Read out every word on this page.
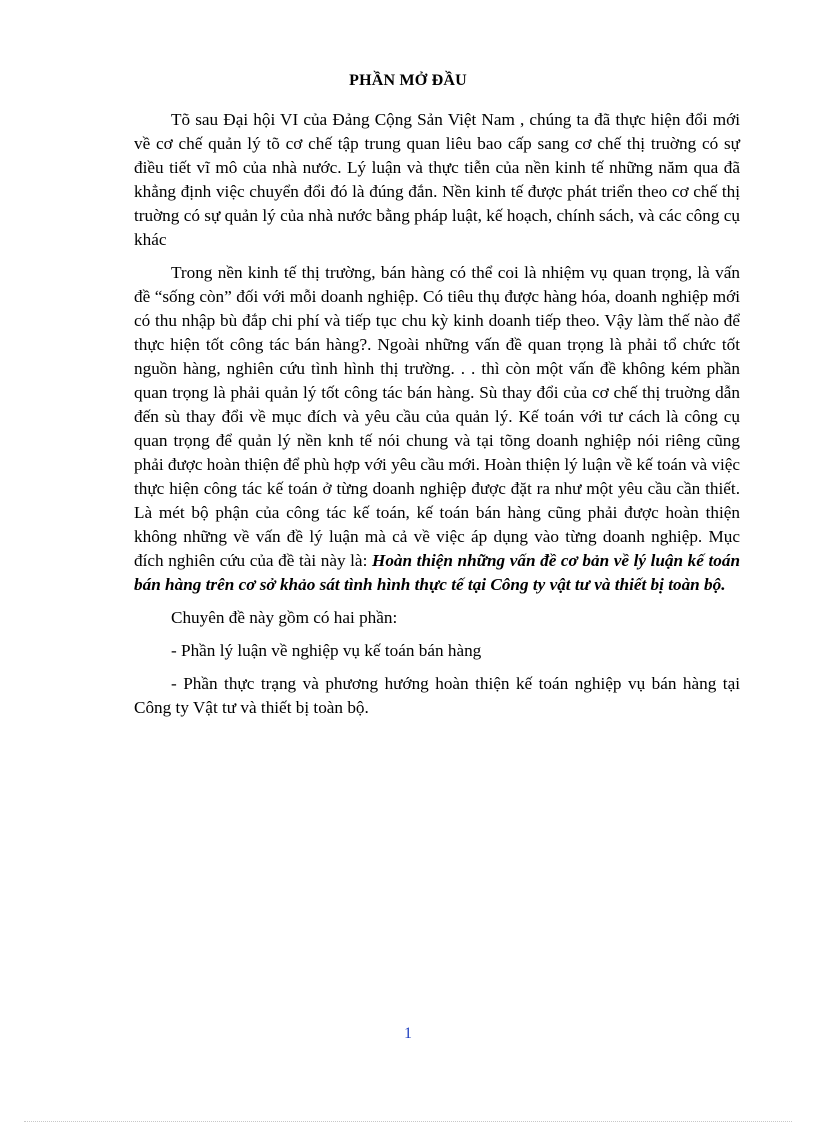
PHẦN MỞ ĐẦU

Tõ sau Đại hội VI của Đảng Cộng Sản Việt Nam , chúng ta đã thực hiện đổi mới về cơ chế quản lý tõ cơ chế tập trung quan liêu bao cấp sang cơ chế thị truờng có sự điều tiết vĩ mô của nhà nước. Lý luận và thực tiễn của nền kinh tế những năm qua đã khẳng định việc chuyển đổi đó là đúng đắn. Nền kinh tế được phát triển theo cơ chế thị truờng có sự quản lý của nhà nước bằng pháp luật, kế hoạch, chính sách, và các công cụ khác

Trong nền kinh tế thị trường, bán hàng có thể coi là nhiệm vụ quan trọng, là vấn đề “sống còn” đối với mỗi doanh nghiệp. Có tiêu thụ được hàng hóa, doanh nghiệp mới có thu nhập bù đắp chi phí và tiếp tục chu kỳ kinh doanh tiếp theo. Vậy làm thế nào để thực hiện tốt công tác bán hàng?. Ngoài những vấn đề quan trọng là phải tổ chức tốt nguồn hàng, nghiên cứu tình hình thị trường. . . thì còn một vấn đề không kém phần quan trọng là phải quản lý tốt công tác bán hàng. Sù thay đổi của cơ chế thị truờng dẫn đến sù thay đổi về mục đích và yêu cầu của quản lý. Kế toán với tư cách là công cụ quan trọng để quản lý nền knh tế nói chung và tại tõng doanh nghiệp nói riêng cũng phải được hoàn thiện để phù hợp với yêu cầu mới. Hoàn thiện lý luận về kế toán và việc thực hiện công tác kế toán ở từng doanh nghiệp được đặt ra như một yêu cầu cần thiết. Là mét bộ phận của công tác kế toán, kế toán bán hàng cũng phải được hoàn thiện không những về vấn đề lý luận mà cả về việc áp dụng vào từng doanh nghiệp. Mục đích nghiên cứu của đề tài này là: Hoàn thiện những vấn đề cơ bản về lý luận kế toán bán hàng trên cơ sở khảo sát tình hình thực tế tại Công ty vật tư và thiết bị toàn bộ.

Chuyên đề này gồm có hai phần:

- Phần lý luận về nghiệp vụ kế toán bán hàng

- Phần thực trạng và phương hướng hoàn thiện kế toán nghiệp vụ bán hàng tại Công ty Vật tư và thiết bị toàn bộ.

1
